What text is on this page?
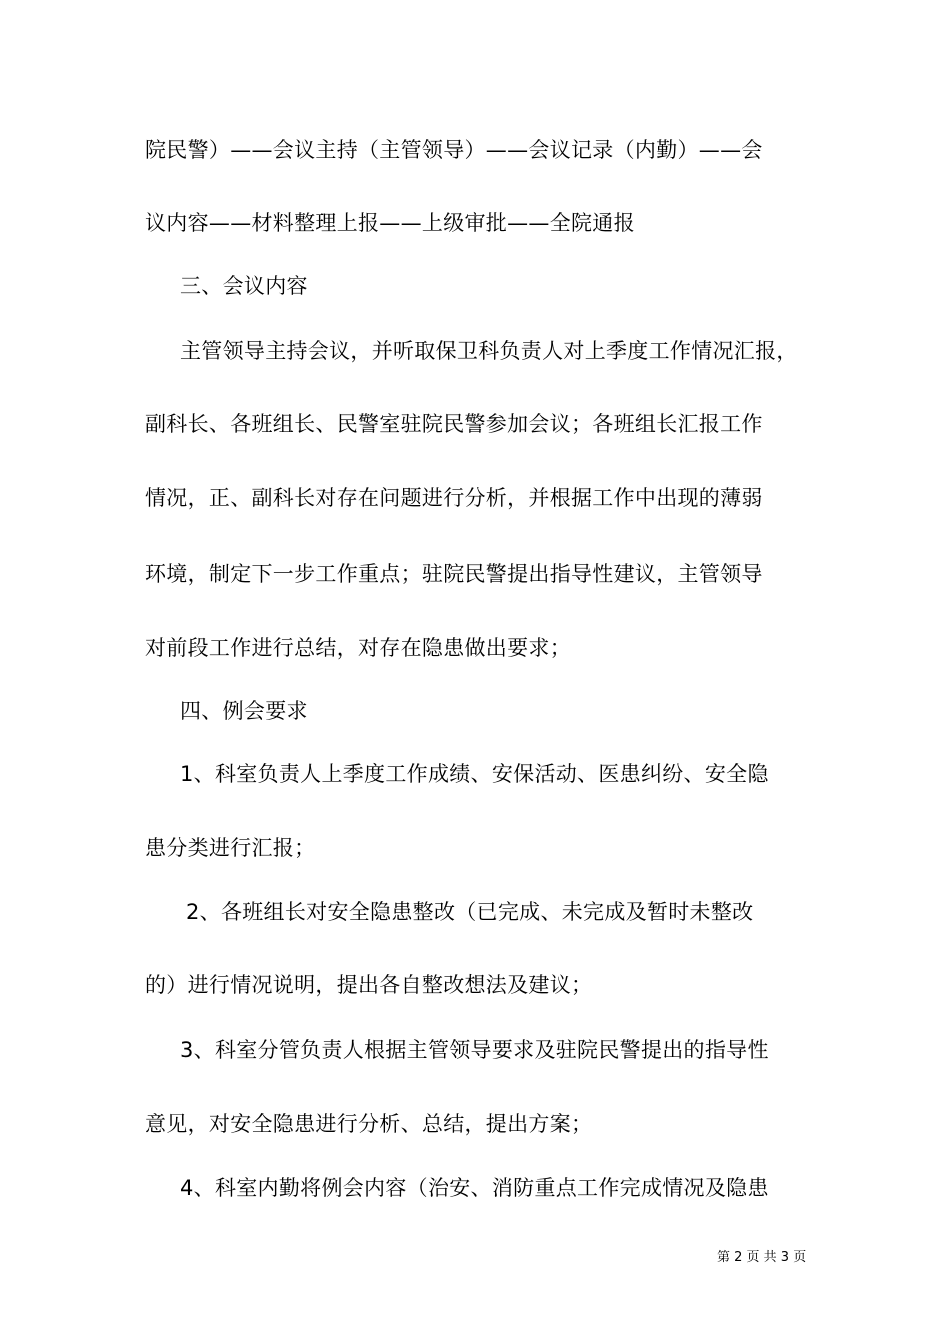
院民警）——会议主持（主管领导）——会议记录（内勤）——会
议内容——材料整理上报——上级审批——全院通报
三、会议内容
主管领导主持会议，并听取保卫科负责人对上季度工作情况汇报，
副科长、各班组长、民警室驻院民警参加会议；各班组长汇报工作
情况，正、副科长对存在问题进行分析，并根据工作中出现的薄弱
环境，制定下一步工作重点；驻院民警提出指导性建议，主管领导
对前段工作进行总结，对存在隐患做出要求；
四、例会要求
1、科室负责人上季度工作成绩、安保活动、医患纠纷、安全隐
患分类进行汇报；
2、各班组长对安全隐患整改（已完成、未完成及暂时未整改
的）进行情况说明，提出各自整改想法及建议；
3、科室分管负责人根据主管领导要求及驻院民警提出的指导性
意见，对安全隐患进行分析、总结，提出方案；
4、科室内勤将例会内容（治安、消防重点工作完成情况及隐患
第 2 页 共 3 页
